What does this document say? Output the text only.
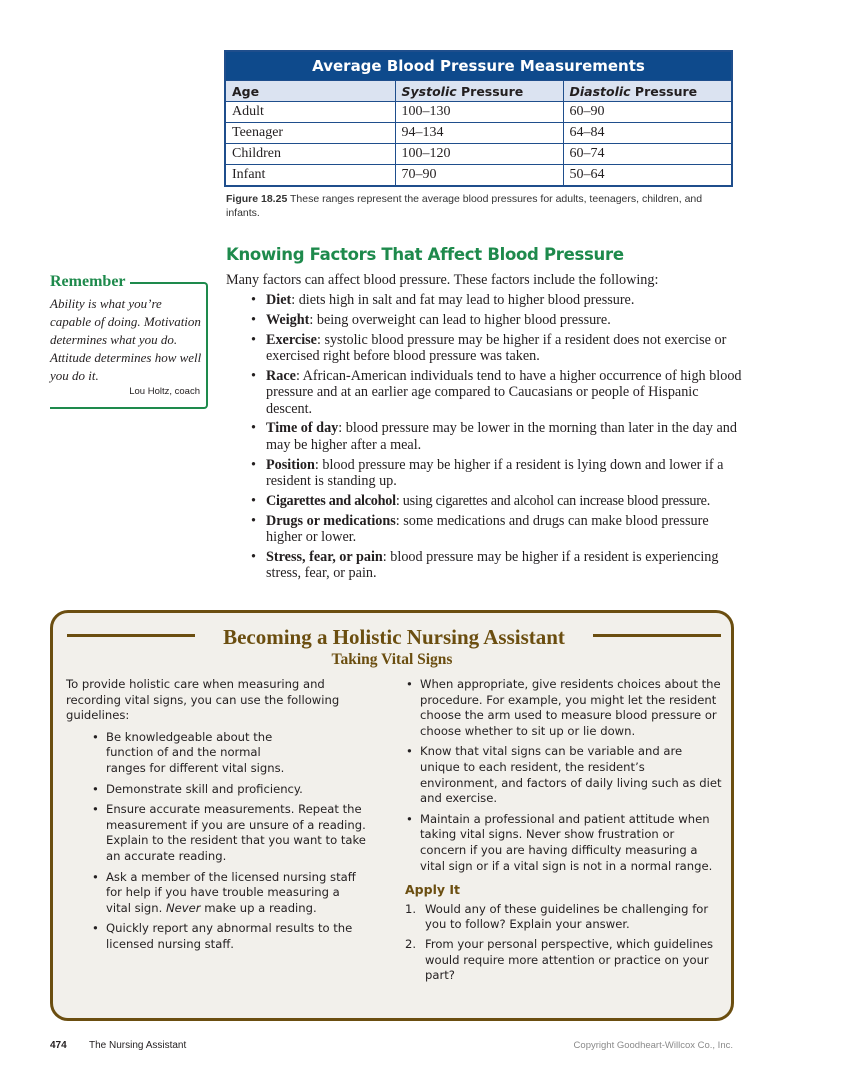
Average Blood Pressure Measurements		
Age	Systolic Pressure	Diastolic Pressure
Adult	100–130	60–90
Teenager	94–134	64–84
Children	100–120	60–74
Infant	70–90	50–64
Figure 18.25 These ranges represent the average blood pressures for adults, teenagers, children, and infants.
Remember
Ability is what you’re capable of doing. Motivation determines what you do. Attitude determines how well you do it.
Lou Holtz, coach
Knowing Factors That Affect Blood Pressure
Many factors can affect blood pressure. These factors include the following:
• Diet: diets high in salt and fat may lead to higher blood pressure.
• Weight: being overweight can lead to higher blood pressure.
• Exercise: systolic blood pressure may be higher if a resident does not exercise or exercised right before blood pressure was taken.
• Race: African-American individuals tend to have a higher occurrence of high blood pressure and at an earlier age compared to Caucasians or people of Hispanic descent.
• Time of day: blood pressure may be lower in the morning than later in the day and may be higher after a meal.
• Position: blood pressure may be higher if a resident is lying down and lower if a resident is standing up.
• Cigarettes and alcohol: using cigarettes and alcohol can increase blood pressure.
• Drugs or medications: some medications and drugs can make blood pressure higher or lower.
• Stress, fear, or pain: blood pressure may be higher if a resident is experiencing stress, fear, or pain.
Becoming a Holistic Nursing Assistant
Taking Vital Signs
To provide holistic care when measuring and recording vital signs, you can use the following guidelines:
• Be knowledgeable about the function of and the normal ranges for different vital signs.
• Demonstrate skill and proficiency.
• Ensure accurate measurements. Repeat the measurement if you are unsure of a reading. Explain to the resident that you want to take an accurate reading.
• Ask a member of the licensed nursing staff for help if you have trouble measuring a vital sign. Never make up a reading.
• Quickly report any abnormal results to the licensed nursing staff.
• When appropriate, give residents choices about the procedure. For example, you might let the resident choose the arm used to measure blood pressure or choose whether to sit up or lie down.
• Know that vital signs can be variable and are unique to each resident, the resident’s environment, and factors of daily living such as diet and exercise.
• Maintain a professional and patient attitude when taking vital signs. Never show frustration or concern if you are having difficulty measuring a vital sign or if a vital sign is not in a normal range.
Apply It
1. Would any of these guidelines be challenging for you to follow? Explain your answer.
2. From your personal perspective, which guidelines would require more attention or practice on your part?
474 The Nursing Assistant	Copyright Goodheart-Willcox Co., Inc.
